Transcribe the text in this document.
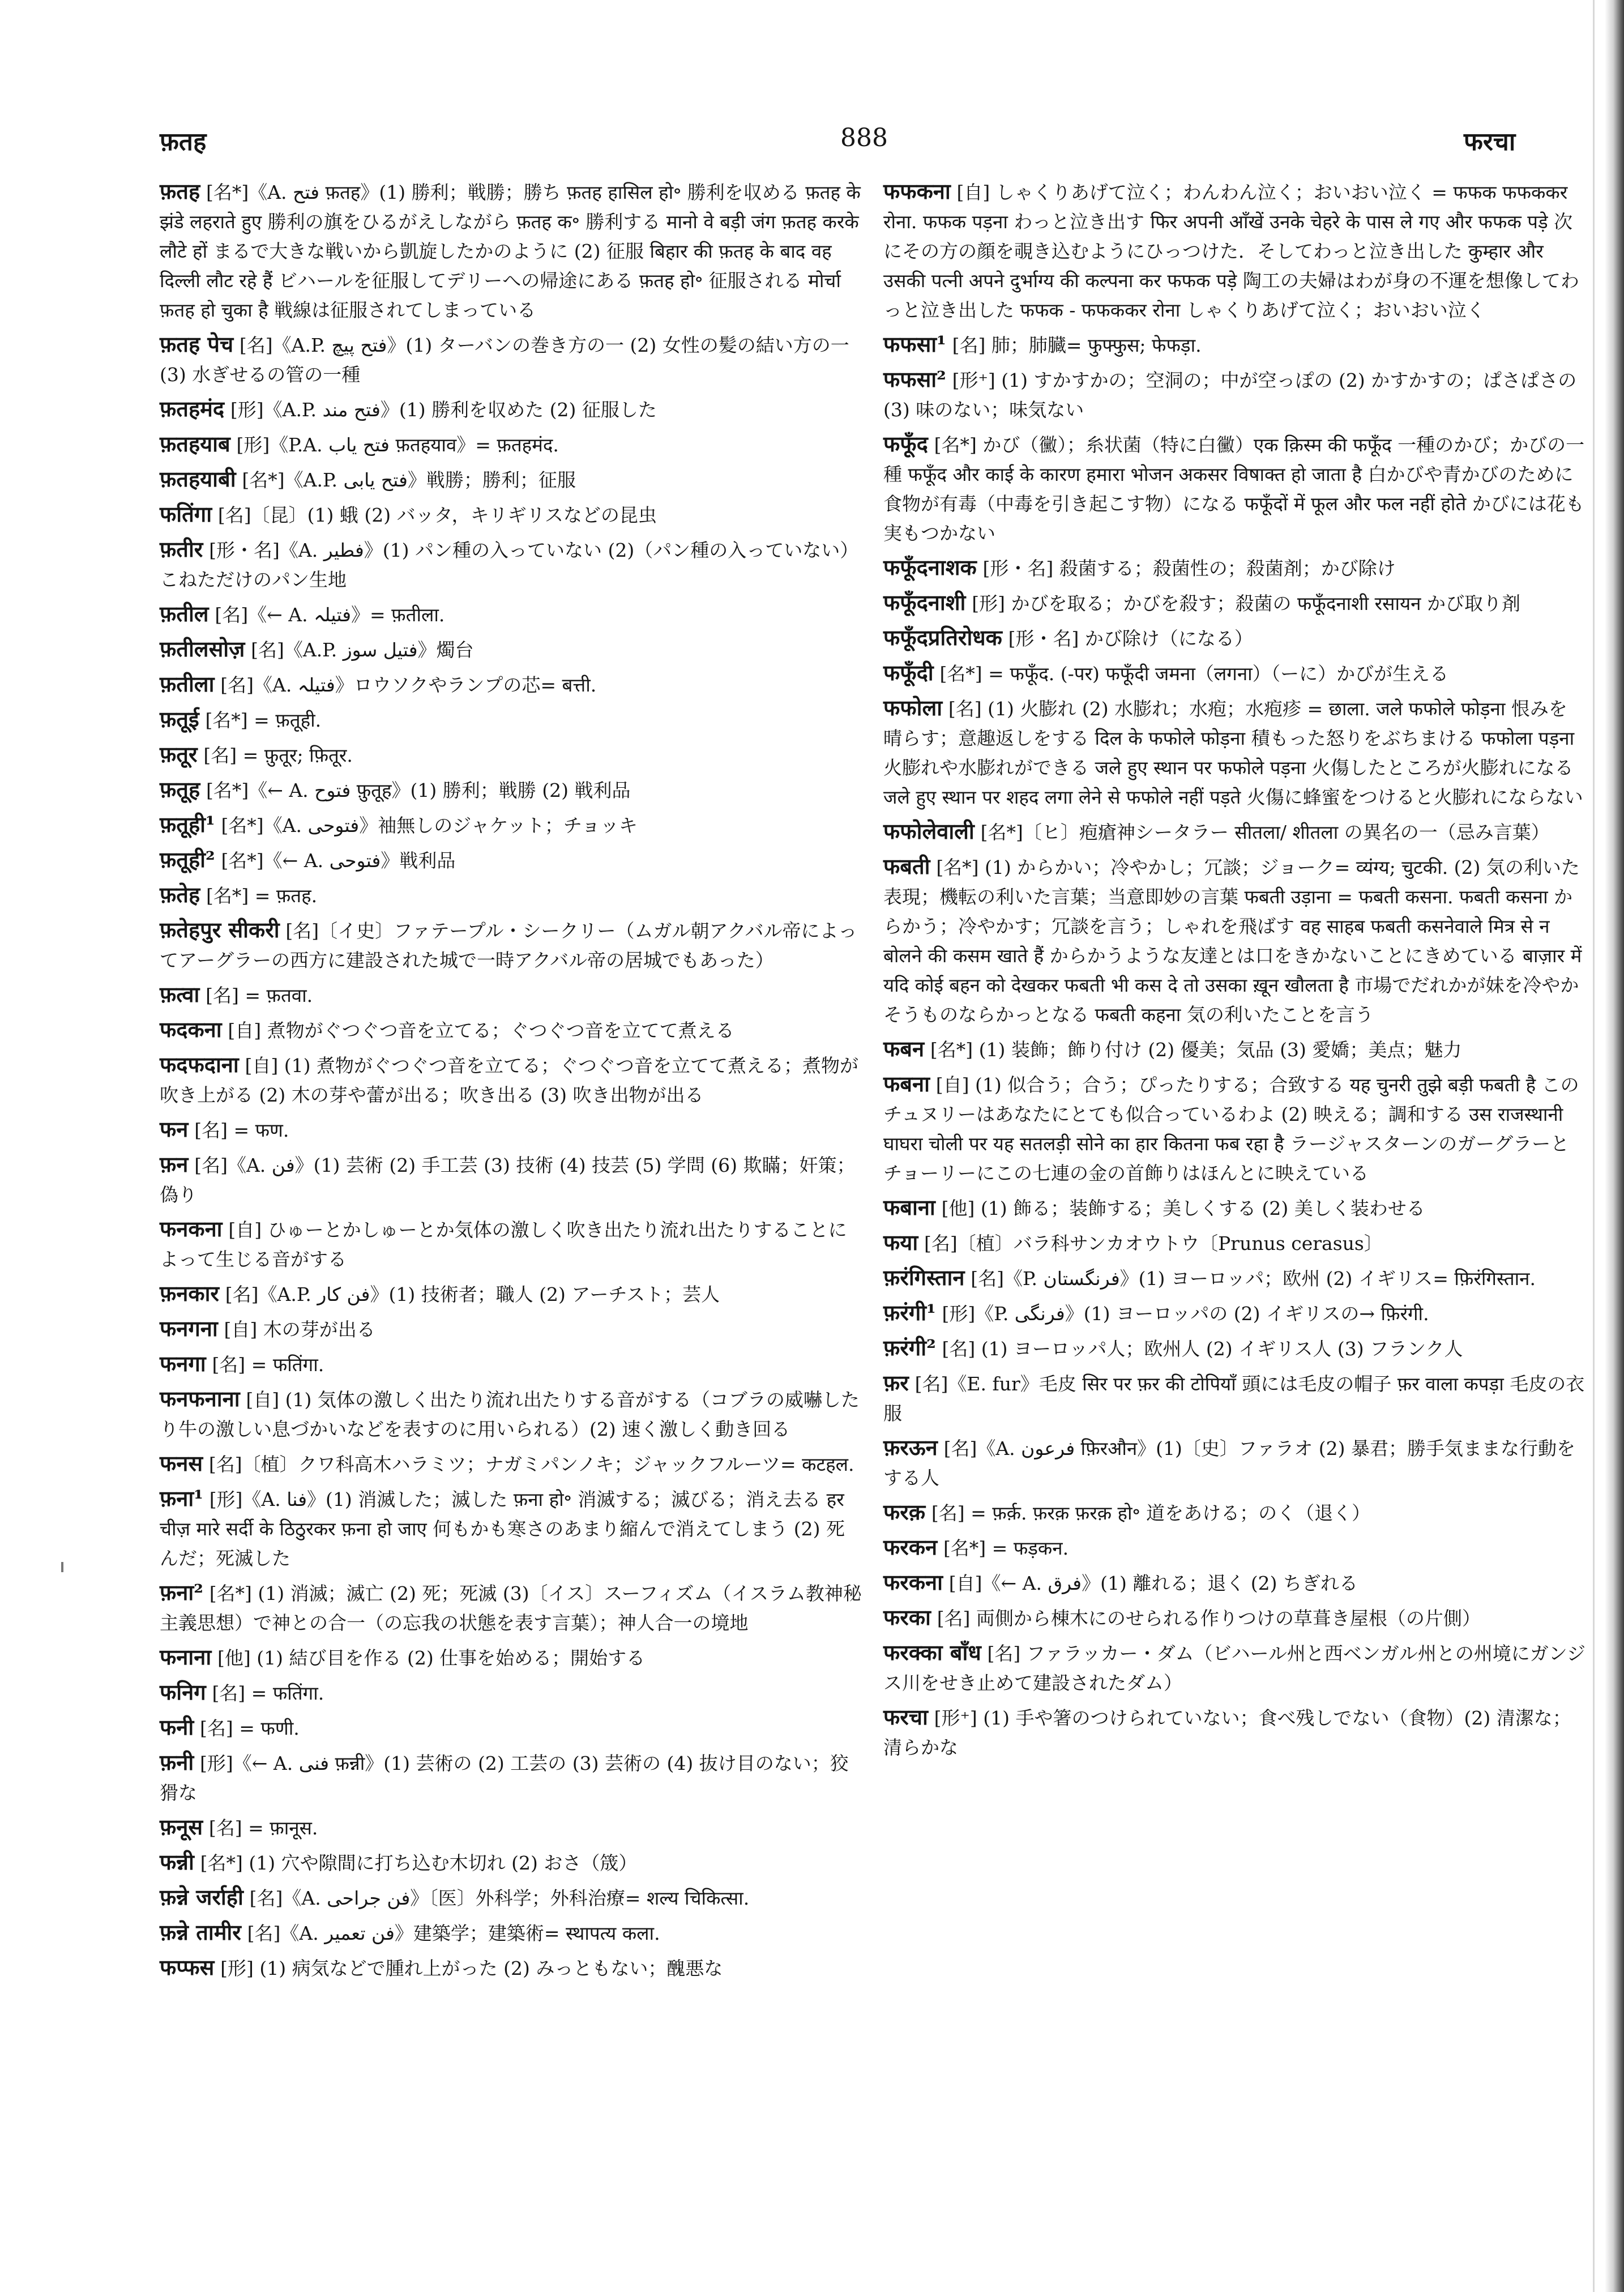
फ़तह	888	फरचा
फ़तह [名*]《A. فتح फ़तह》(1) 勝利；戦勝；勝ち फ़तह हासिल हो॰ 勝利を収める फ़तह के झंडे लहराते हुए 勝利の旗をひるがえしながら फ़तह क॰ 勝利する मानो वे बड़ी जंग फ़तह करके लौटे हों まるで大きな戦いから凱旋したかのように (2) 征服 बिहार की फ़तह के बाद वह दिल्ली लौट रहे हैं ビハールを征服してデリーへの帰途にある फ़तह हो॰ 征服される मोर्चा फ़तह हो चुका है 戦線は征服されてしまっている
फ़तह पेच [名]《A.P. فتح پیچ》(1) ターバンの巻き方の一 (2) 女性の髪の結い方の一 (3) 水ぎせるの管の一種
फ़तहमंद [形]《A.P. فتح مند》(1) 勝利を収めた (2) 征服した
फ़तहयाब [形]《P.A. فتح یاب फ़तहयाव》= फ़तहमंद.
फ़तहयाबी [名*]《A.P. فتح یابی》戦勝；勝利；征服
फतिंगा [名]〔昆〕(1) 蛾 (2) バッタ，キリギリスなどの昆虫
फ़तीर [形・名]《A. فطیر》(1) パン種の入っていない (2)（パン種の入っていない）こねただけのパン生地
फ़तील [名]《← A. فتیلہ》= फ़तीला.
फ़तीलसोज़ [名]《A.P. فتیل سوز》燭台
फ़तीला [名]《A. فتیلہ》ロウソクやランプの芯= बत्ती.
फ़तूई [名*] = फ़तूही.
फ़तूर [名] = फ़ुतूर; फ़ितूर.
फ़तूह [名*]《← A. فتوح फ़ुतूह》(1) 勝利；戦勝 (2) 戦利品
फ़तूही¹ [名*]《A. فتوحی》袖無しのジャケット；チョッキ
फ़तूही² [名*]《← A. فتوحی》戦利品
फ़तेह [名*] = फ़तह.
फ़तेहपुर सीकरी [名]〔イ史〕ファテープル・シークリー（ムガル朝アクバル帝によってアーグラーの西方に建設された城で一時アクバル帝の居城でもあった）
फ़त्वा [名] = फ़तवा.
फदकना [自] 煮物がぐつぐつ音を立てる；ぐつぐつ音を立てて煮える
फदफदाना [自] (1) 煮物がぐつぐつ音を立てる；ぐつぐつ音を立てて煮える；煮物が吹き上がる (2) 木の芽や蕾が出る；吹き出る (3) 吹き出物が出る
फन [名] = फण.
फ़न [名]《A. فن》(1) 芸術 (2) 手工芸 (3) 技術 (4) 技芸 (5) 学問 (6) 欺瞞；奸策；偽り
फनकना [自] ひゅーとかしゅーとか気体の激しく吹き出たり流れ出たりすることによって生じる音がする
फ़नकार [名]《A.P. فن کار》(1) 技術者；職人 (2) アーチスト；芸人
फनगना [自] 木の芽が出る
फनगा [名] = फतिंगा.
फनफनाना [自] (1) 気体の激しく出たり流れ出たりする音がする（コブラの威嚇したり牛の激しい息づかいなどを表すのに用いられる）(2) 速く激しく動き回る
फनस [名]〔植〕クワ科高木ハラミツ；ナガミパンノキ；ジャックフルーツ= कटहल.
फ़ना¹ [形]《A. فنا》(1) 消滅した；滅した फ़ना हो॰ 消滅する；滅びる；消え去る हर चीज़ मारे सर्दी के ठिठुरकर फ़ना हो जाए 何もかも寒さのあまり縮んで消えてしまう (2) 死んだ；死滅した
फ़ना² [名*] (1) 消滅；滅亡 (2) 死；死滅 (3)〔イス〕スーフィズム（イスラム教神秘主義思想）で神との合一（の忘我の状態を表す言葉）；神人合一の境地
फनाना [他] (1) 結び目を作る (2) 仕事を始める；開始する
फनिग [名] = फतिंगा.
फनी [名] = फणी.
फ़नी [形]《← A. فنی फ़न्नी》(1) 芸術の (2) 工芸の (3) 芸術の (4) 抜け目のない；狡猾な
फ़नूस [名] = फ़ानूस.
फन्नी [名*] (1) 穴や隙間に打ち込む木切れ (2) おさ（筬）
फ़न्ने जर्राही [名]《A. فن جراحی》〔医〕外科学；外科治療= शल्य चिकित्सा.
फ़न्ने तामीर [名]《A. فن تعمیر》建築学；建築術= स्थापत्य कला.
फप्फस [形] (1) 病気などで腫れ上がった (2) みっともない；醜悪な
फफकना [自] しゃくりあげて泣く；わんわん泣く；おいおい泣く = फफक फफककर रोना. फफक पड़ना わっと泣き出す फिर अपनी आँखें उनके चेहरे के पास ले गए और फफक पड़े 次にその方の顔を覗き込むようにひっつけた．そしてわっと泣き出した कुम्हार और उसकी पत्नी अपने दुर्भाग्य की कल्पना कर फफक पड़े 陶工の夫婦はわが身の不運を想像してわっと泣き出した फफक - फफककर रोना しゃくりあげて泣く；おいおい泣く
फफसा¹ [名] 肺；肺臓= फुफ्फुस; फेफड़ा.
फफसा² [形⁺] (1) すかすかの；空洞の；中が空っぽの (2) かすかすの；ぱさぱさの (3) 味のない；味気ない
फफूँद [名*] かび（黴）；糸状菌（特に白黴）एक क़िस्म की फफूँद 一種のかび；かびの一種 फफूँद और काई के कारण हमारा भोजन अकसर विषाक्त हो जाता है 白かびや青かびのために食物が有毒（中毒を引き起こす物）になる फफूँदों में फूल और फल नहीं होते かびには花も実もつかない
फफूँदनाशक [形・名] 殺菌する；殺菌性の；殺菌剤；かび除け
फफूँदनाशी [形] かびを取る；かびを殺す；殺菌の फफूँदनाशी रसायन かび取り剤
फफूँदप्रतिरोधक [形・名] かび除け（になる）
फफूँदी [名*] = फफूँद. (-पर) फफूँदी जमना（लगना）（ーに）かびが生える
फफोला [名] (1) 火膨れ (2) 水膨れ；水疱；水疱疹 = छाला. जले फफोले फोड़ना 恨みを晴らす；意趣返しをする दिल के फफोले फोड़ना 積もった怒りをぶちまける फफोला पड़ना 火膨れや水膨れができる जले हुए स्थान पर फफोले पड़ना 火傷したところが火膨れになる जले हुए स्थान पर शहद लगा लेने से फफोले नहीं पड़ते 火傷に蜂蜜をつけると火膨れにならない
फफोलेवाली [名*]〔ヒ〕疱瘡神シータラー सीतला/ शीतला の異名の一（忌み言葉）
फबती [名*] (1) からかい；冷やかし；冗談；ジョーク= व्यंग्य; चुटकी. (2) 気の利いた表現；機転の利いた言葉；当意即妙の言葉 फबती उड़ाना = फबती कसना. फबती कसना からかう；冷やかす；冗談を言う；しゃれを飛ばす वह साहब फबती कसनेवाले मित्र से न बोलने की कसम खाते हैं からかうような友達とは口をきかないことにきめている बाज़ार में यदि कोई बहन को देखकर फबती भी कस दे तो उसका ख़ून खौलता है 市場でだれかが妹を冷やかそうものならかっとなる फबती कहना 気の利いたことを言う
फबन [名*] (1) 装飾；飾り付け (2) 優美；気品 (3) 愛嬌；美点；魅力
फबना [自] (1) 似合う；合う；ぴったりする；合致する यह चुनरी तुझे बड़ी फबती है このチュヌリーはあなたにとても似合っているわよ (2) 映える；調和する उस राजस्थानी घाघरा चोली पर यह सतलड़ी सोने का हार कितना फब रहा है ラージャスターンのガーグラーとチョーリーにこの七連の金の首飾りはほんとに映えている
फबाना [他] (1) 飾る；装飾する；美しくする (2) 美しく装わせる
फया [名]〔植〕バラ科サンカオウトウ〔Prunus cerasus〕
फ़रंगिस्तान [名]《P. فرنگستان》(1) ヨーロッパ；欧州 (2) イギリス= फ़िरंगिस्तान.
फ़रंगी¹ [形]《P. فرنگی》(1) ヨーロッパの (2) イギリスの→ फ़िरंगी.
फ़रंगी² [名] (1) ヨーロッパ人；欧州人 (2) イギリス人 (3) フランク人
फ़र [名]《E. fur》毛皮 सिर पर फ़र की टोपियाँ 頭には毛皮の帽子 फ़र वाला कपड़ा 毛皮の衣服
फ़रऊन [名]《A. فرعون फ़िरऔन》(1)〔史〕ファラオ (2) 暴君；勝手気ままな行動をする人
फरक़ [名] = फ़र्क़. फ़रक़ फ़रक़ हो॰ 道をあける；のく（退く）
फरकन [名*] = फड़कन.
फरकना [自]《← A. فرق》(1) 離れる；退く (2) ちぎれる
फरका [名] 両側から棟木にのせられる作りつけの草葺き屋根（の片側）
फरक्का बाँध [名] ファラッカー・ダム（ビハール州と西ベンガル州との州境にガンジス川をせき止めて建設されたダム）
फरचा [形⁺] (1) 手や箸のつけられていない；食べ残しでない（食物）(2) 清潔な；清らかな
